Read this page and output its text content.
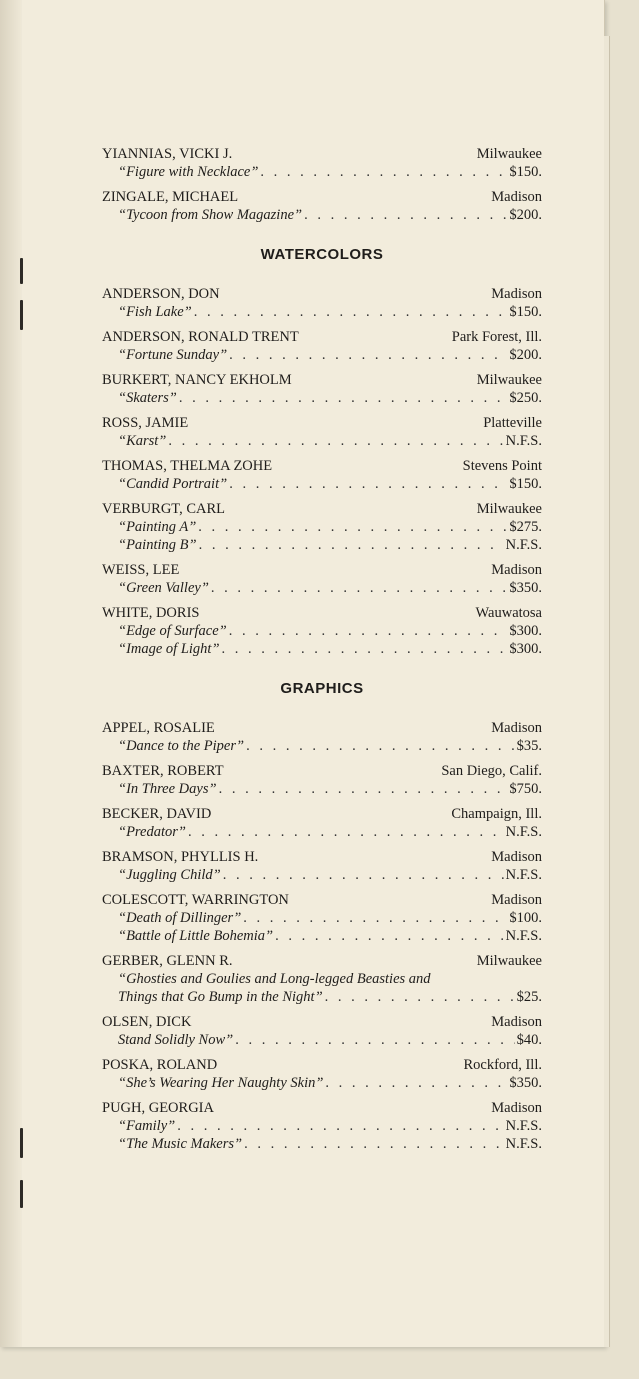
YIANNIAS, VICKI J.	Milwaukee
“Figure with Necklace” . . .	$150.
ZINGALE, MICHAEL	Madison
“Tycoon from Show Magazine” . . .	$200.
WATERCOLORS
ANDERSON, DON	Madison
“Fish Lake” . . .	$150.
ANDERSON, RONALD TRENT	Park Forest, Ill.
“Fortune Sunday” . . .	$200.
BURKERT, NANCY EKHOLM	Milwaukee
“Skaters” . . .	$250.
ROSS, JAMIE	Platteville
“Karst” . . .	N.F.S.
THOMAS, THELMA ZOHE	Stevens Point
“Candid Portrait” . . .	$150.
VERBURGT, CARL	Milwaukee
“Painting A” . . .	$275.
“Painting B” . . .	N.F.S.
WEISS, LEE	Madison
“Green Valley” . . .	$350.
WHITE, DORIS	Wauwatosa
“Edge of Surface” . . .	$300.
“Image of Light” . . .	$300.
GRAPHICS
APPEL, ROSALIE	Madison
“Dance to the Piper” . . .	$35.
BAXTER, ROBERT	San Diego, Calif.
“In Three Days” . . .	$750.
BECKER, DAVID	Champaign, Ill.
“Predator” . . .	N.F.S.
BRAMSON, PHYLLIS H.	Madison
“Juggling Child” . . .	N.F.S.
COLESCOTT, WARRINGTON	Madison
“Death of Dillinger” . . .	$100.
“Battle of Little Bohemia” . . .	N.F.S.
GERBER, GLENN R.	Milwaukee
“Ghosties and Goulies and Long-legged Beasties and
Things that Go Bump in the Night” . . .	$25.
OLSEN, DICK	Madison
Stand Solidly Now” . . .	$40.
POSKA, ROLAND	Rockford, Ill.
“She’s Wearing Her Naughty Skin” . . .	$350.
PUGH, GEORGIA	Madison
“Family” . . .	N.F.S.
“The Music Makers” . . .	N.F.S.
